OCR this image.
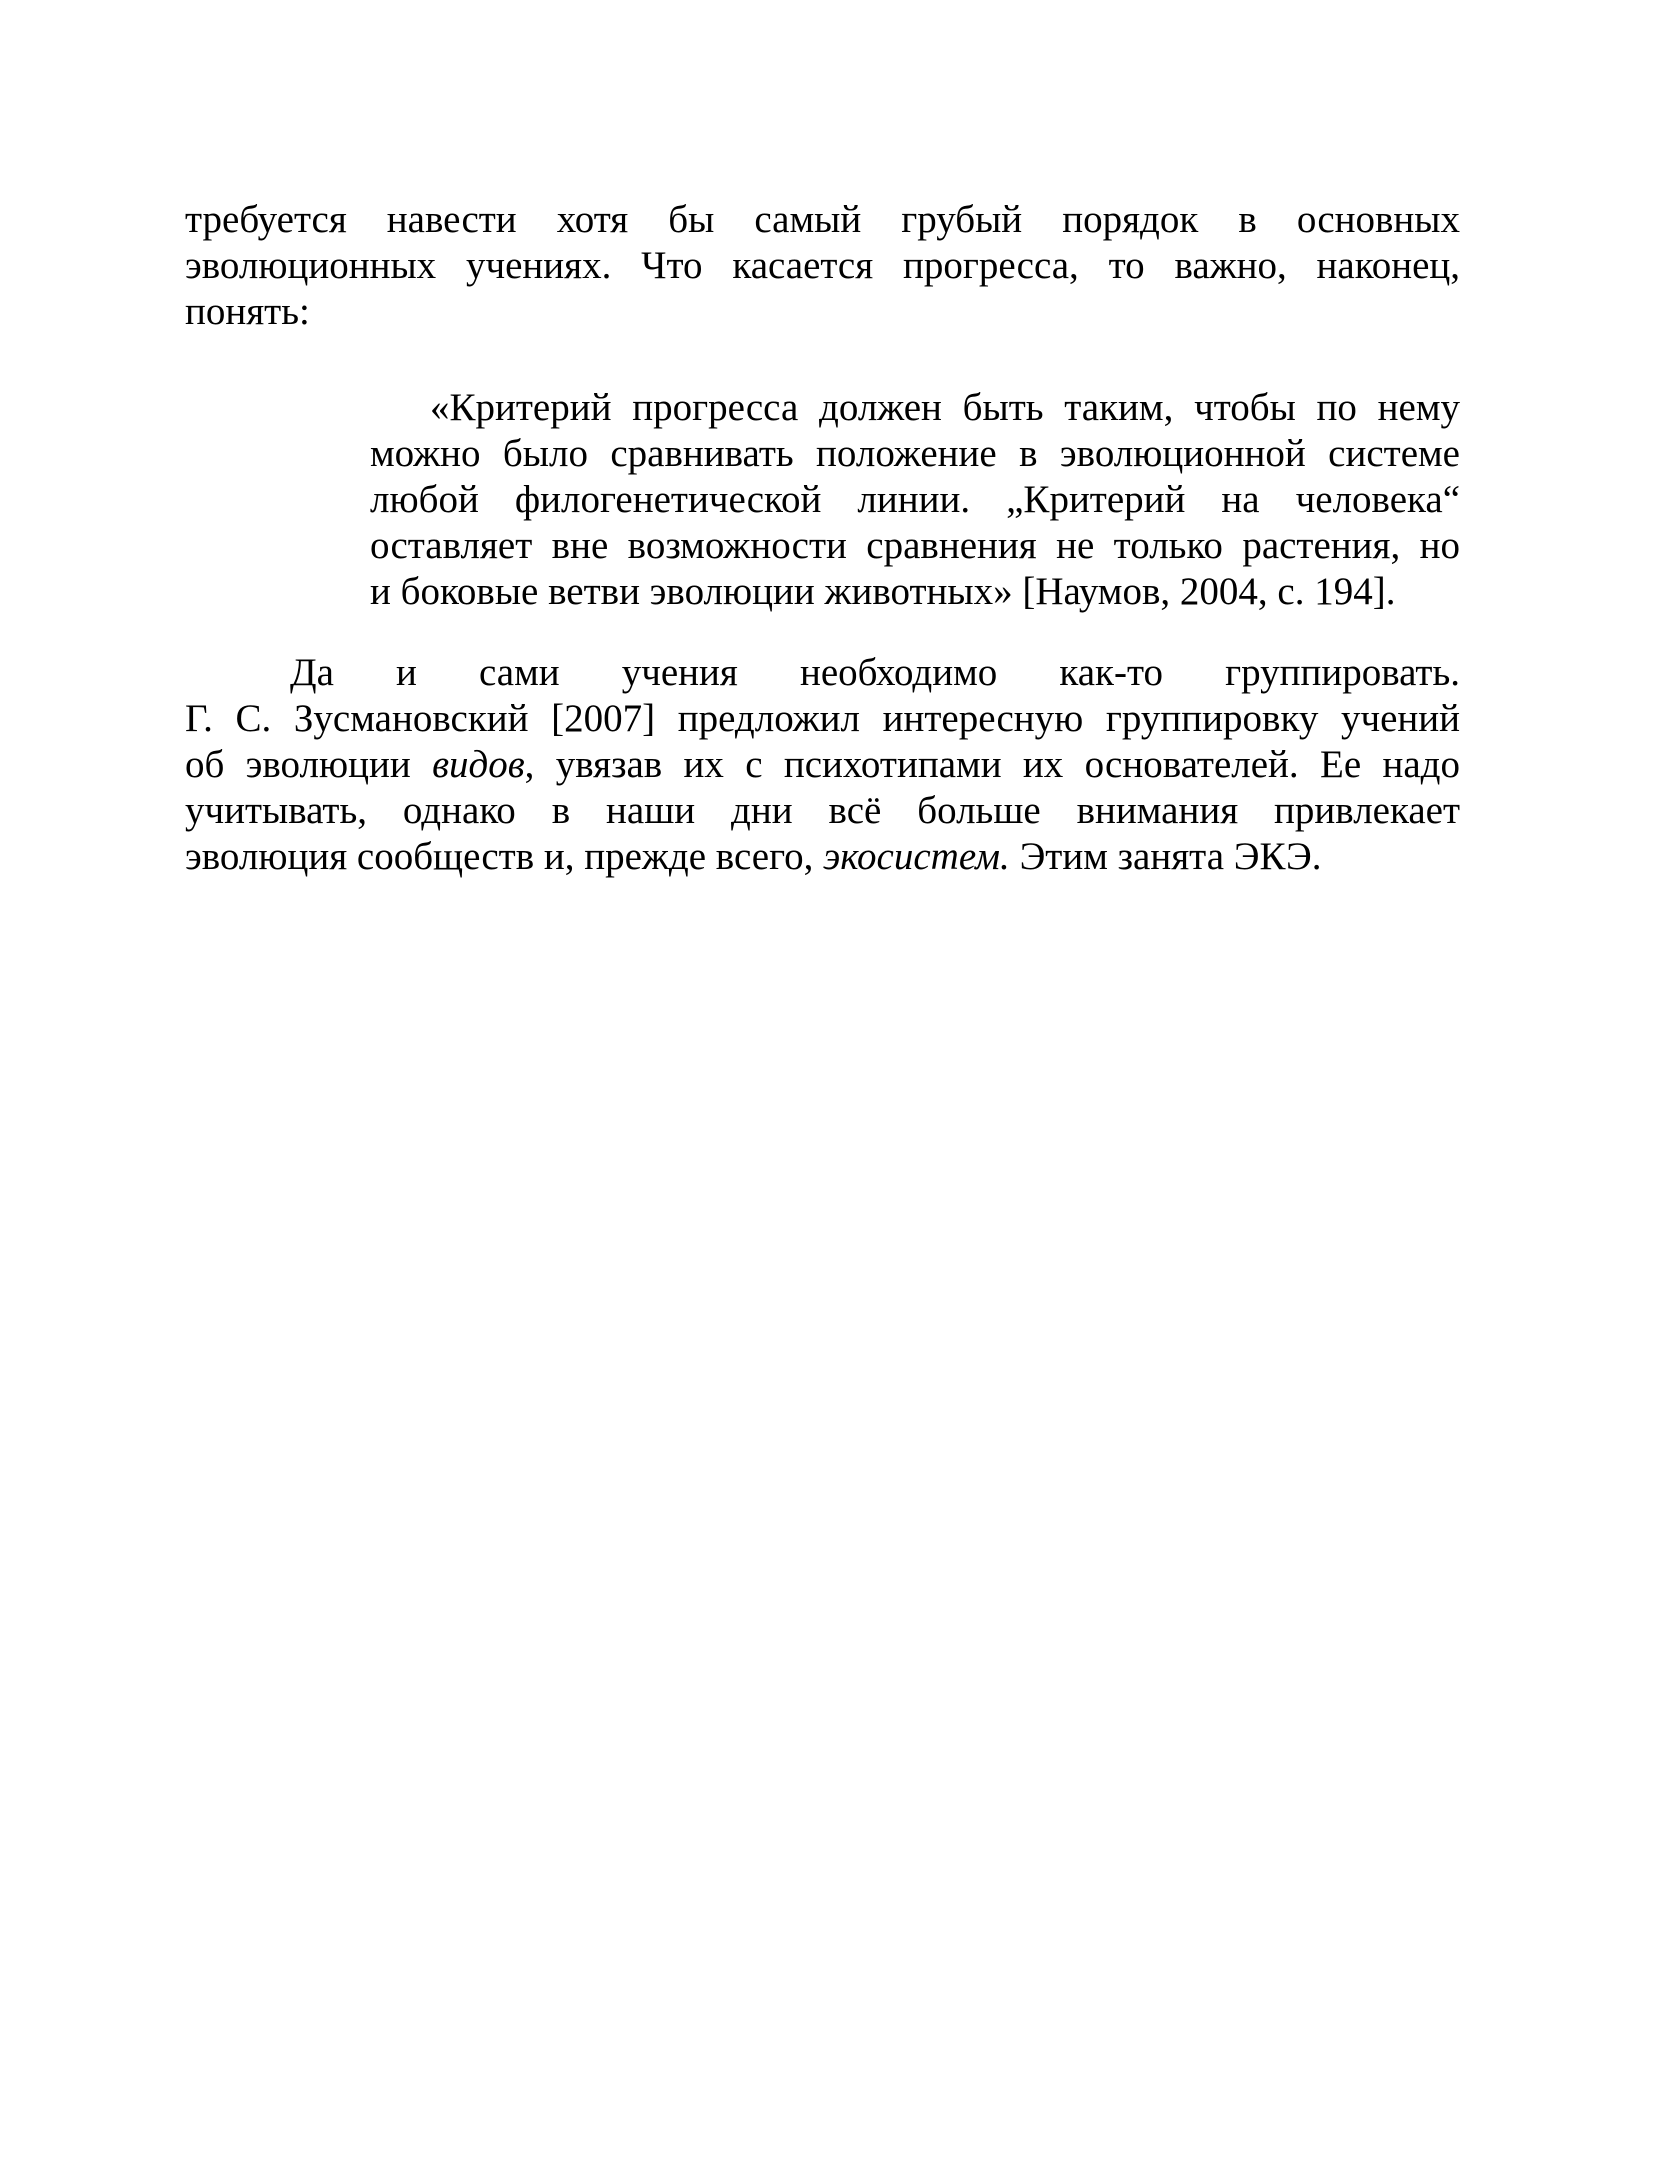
требуется навести хотя бы самый грубый порядок в основных
эволюционных учениях. Что касается прогресса, то важно, наконец,
понять:
«Критерий прогресса должен быть таким, чтобы по нему
можно было сравнивать положение в эволюционной системе
любой филогенетической линии. „Критерий на человека“
оставляет вне возможности сравнения не только растения, но
и боковые ветви эволюции животных» [Наумов, 2004, с. 194].
Да и сами учения необходимо как-то группировать.
Г. С. Зусмановский [2007] предложил интересную группировку учений
об эволюции видов, увязав их с психотипами их основателей. Ее надо
учитывать, однако в наши дни всё больше внимания привлекает
эволюция сообществ и, прежде всего, экосистем. Этим занята ЭКЭ.
